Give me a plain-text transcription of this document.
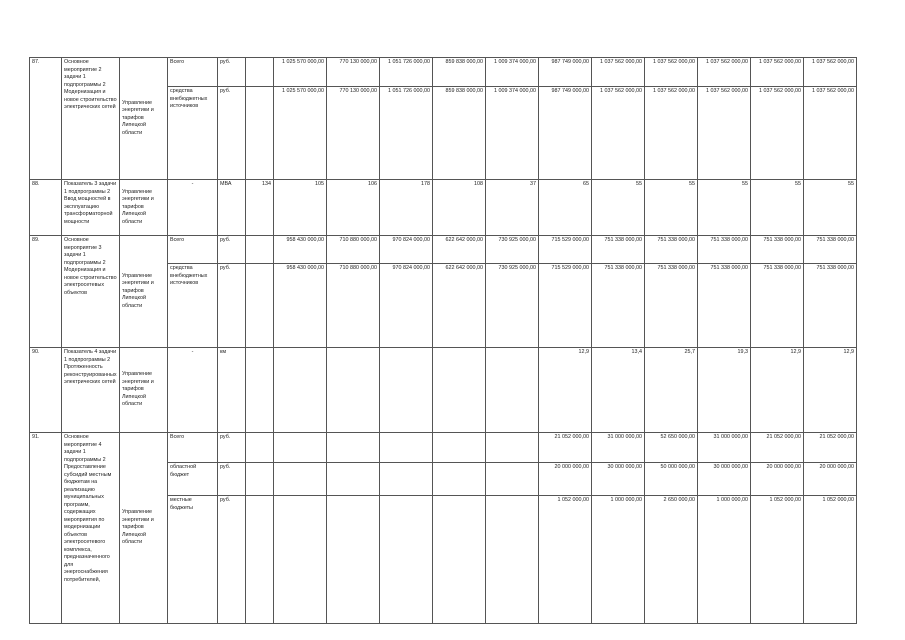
87.	Основное мероприятие 2 задачи 1 подпрограммы 2 Модернизация и новое строительство электрических сетей	Управление энергетики и тарифов Липецкой области	Всего	руб.		1 025 570 000,00	770 130 000,00	1 051 726 000,00	859 838 000,00	1 009 374 000,00	987 749 000,00	1 037 562 000,00	1 037 562 000,00	1 037 562 000,00	1 037 562 000,00	1 037 562 000,00
			средства внебюджетных источников	руб.		1 025 570 000,00	770 130 000,00	1 051 726 000,00	859 838 000,00	1 009 374 000,00	987 749 000,00	1 037 562 000,00	1 037 562 000,00	1 037 562 000,00	1 037 562 000,00	1 037 562 000,00
88.	Показатель 3 задачи 1 подпрограммы 2 Ввод мощностей в эксплуатацию трансформаторной мощности	Управление энергетики и тарифов Липецкой области	-	МВА	134	105	106	178	108	37	65	55	55	55	55	55
89.	Основное мероприятие 3 задачи 1 подпрограммы 2 Модернизация и новое строительство электросетевых объектов	Управление энергетики и тарифов Липецкой области	Всего	руб.		958 430 000,00	710 880 000,00	970 824 000,00	622 642 000,00	730 925 000,00	715 529 000,00	751 338 000,00	751 338 000,00	751 338 000,00	751 338 000,00	751 338 000,00
			средства внебюджетных источников	руб.		958 430 000,00	710 880 000,00	970 824 000,00	622 642 000,00	730 925 000,00	715 529 000,00	751 338 000,00	751 338 000,00	751 338 000,00	751 338 000,00	751 338 000,00
90.	Показатель 4 задачи 1 подпрограммы 2 Протяженность реконструированных электрических сетей	Управление энергетики и тарифов Липецкой области	-	км							12,9	13,4	25,7	19,3	12,9	12,9
91.	Основное мероприятие 4 задачи 1 подпрограммы 2 Предоставление субсидий местным бюджетам на реализацию муниципальных программ, содержащих мероприятия по модернизации объектов электросетевого комплекса, предназначенного для энергоснабжения потребителей,	Управление энергетики и тарифов Липецкой области	Всего	руб.							21 052 000,00	31 000 000,00	52 650 000,00	31 000 000,00	21 052 000,00	21 052 000,00
			областной бюджет	руб.							20 000 000,00	30 000 000,00	50 000 000,00	30 000 000,00	20 000 000,00	20 000 000,00
			местные бюджеты	руб.							1 052 000,00	1 000 000,00	2 650 000,00	1 000 000,00	1 052 000,00	1 052 000,00
